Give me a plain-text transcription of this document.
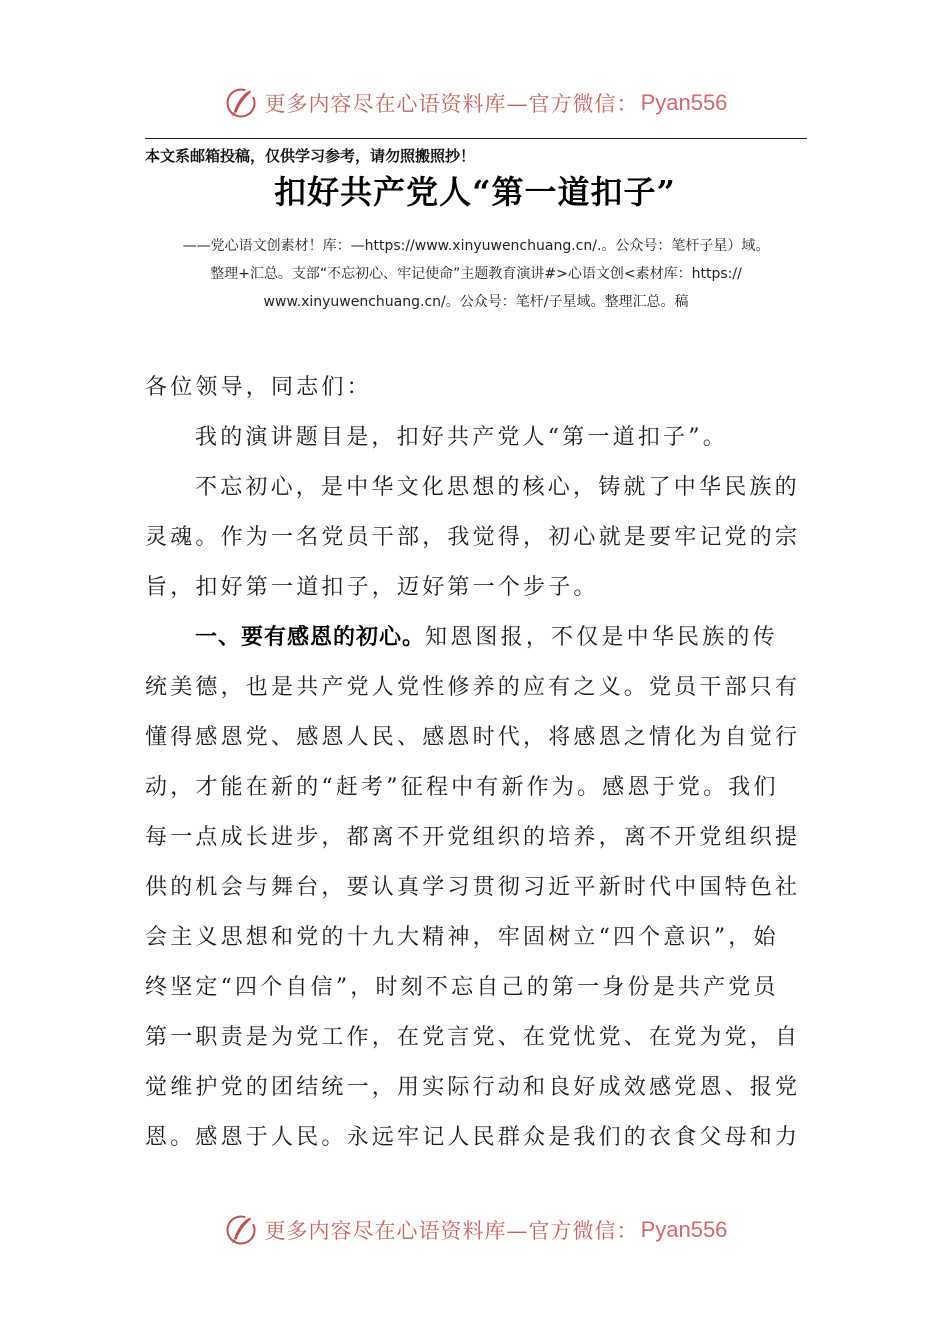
更多内容尽在心语资料库—官方微信： Pyan556
本文系邮箱投稿，仅供学习参考，请勿照搬照抄！
扣好共产党人“第一道扣子”
——党心语文创素材！库：—https://www.xinyuwenchuang.cn/.。公众号：笔杆子星）域。
整理+汇总。支部“不忘初心、牢记使命”主题教育演讲#>心语文创<素材库：https://
www.xinyuwenchuang.cn/。公众号：笔杆/子星域。整理汇总。稿
各位领导，同志们：
我的演讲题目是，扣好共产党人“第一道扣子”。
不忘初心，是中华文化思想的核心，铸就了中华民族的
灵魂。作为一名党员干部，我觉得，初心就是要牢记党的宗
旨，扣好第一道扣子，迈好第一个步子。
一、要有感恩的初心。知恩图报，不仅是中华民族的传
统美德，也是共产党人党性修养的应有之义。党员干部只有
懂得感恩党、感恩人民、感恩时代，将感恩之情化为自觉行
动，才能在新的“赶考”征程中有新作为。感恩于党。我们
每一点成长进步，都离不开党组织的培养，离不开党组织提
供的机会与舞台，要认真学习贯彻习近平新时代中国特色社
会主义思想和党的十九大精神，牢固树立“四个意识”，始
终坚定“四个自信”，时刻不忘自己的第一身份是共产党员
第一职责是为党工作，在党言党、在党忧党、在党为党，自
觉维护党的团结统一，用实际行动和良好成效感党恩、报党
恩。感恩于人民。永远牢记人民群众是我们的衣食父母和力
更多内容尽在心语资料库—官方微信： Pyan556
